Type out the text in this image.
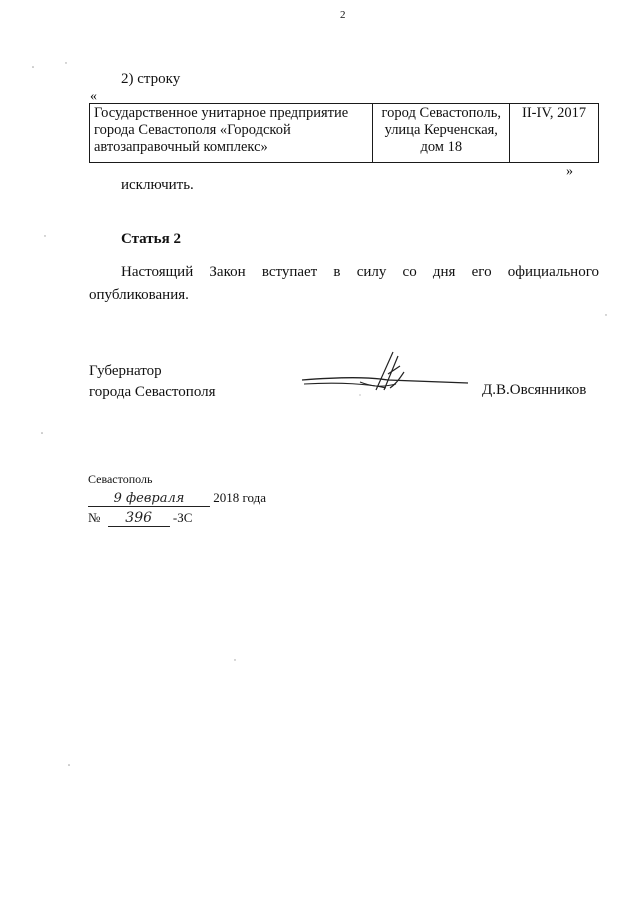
2
2) строку
«
Государственное унитарное предприятие города Севастополя «Городской автозаправочный комплекс»	город Севастополь, улица Керченская, дом 18	II-IV, 2017
»
исключить.
Статья 2
Настоящий Закон вступает в силу со дня его официального опубликования.
Губернатор
города Севастополя	Д.В.Овсянников
Севастополь
9 февраля 2018 года
№ 396 -ЗС
